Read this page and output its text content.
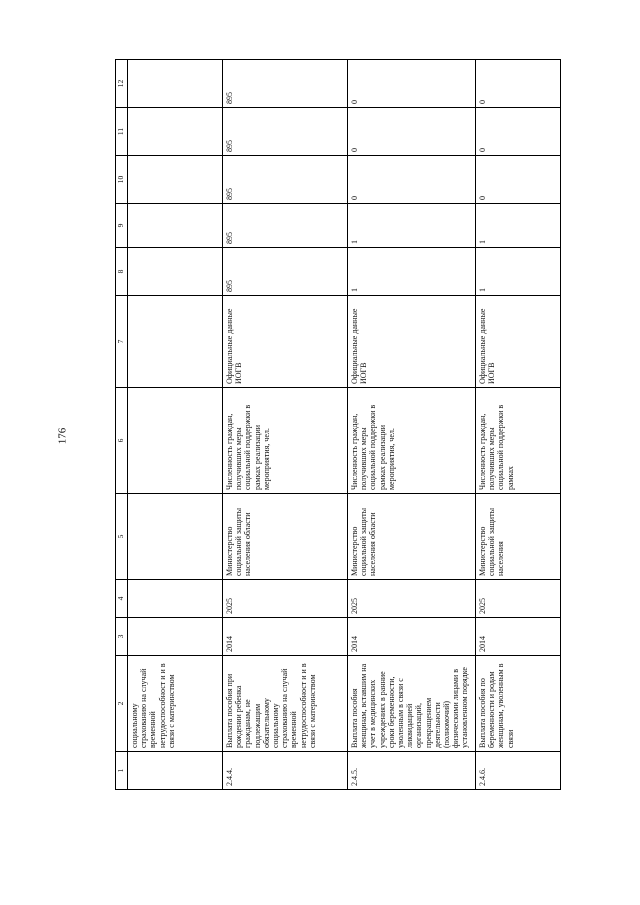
176
1	2	3	4	5	6	7	8	9	10	11	12
	социальному страхованию на случай временной нетрудоспособност и и в связи с материнством										
2.4.4.	Выплата пособия при рождении ребенка гражданам, не подлежащим обязательному социальному страхованию на случай временной нетрудоспособност и и в связи с материнством	2014	2025	Министерство социальной защиты населения области	Численность граждан, получивших меры социальной поддержки в рамках реализации мероприятия, чел.	Официальные данные ИОГВ	895	895	895	895	895
2.4.5.	Выплата пособия женщинам, вставшим на учет в медицинских учреждениях в ранние сроки беременности, уволенным в связи с ликвидацией организаций, прекращением деятельности (полномочий) физическими лицами в установленном порядке	2014	2025	Министерство социальной защиты населения области	Численность граждан, получивших меры социальной поддержки в рамках реализации мероприятия, чел.	Официальные данные ИОГВ	1	1	0	0	0
2.4.6.	Выплата пособия по беременности и родам женщинам, уволенным в связи	2014	2025	Министерство социальной защиты населения	Численность граждан, получивших меры социальной поддержки в рамках	Официальные данные ИОГВ	1	1	0	0	0
